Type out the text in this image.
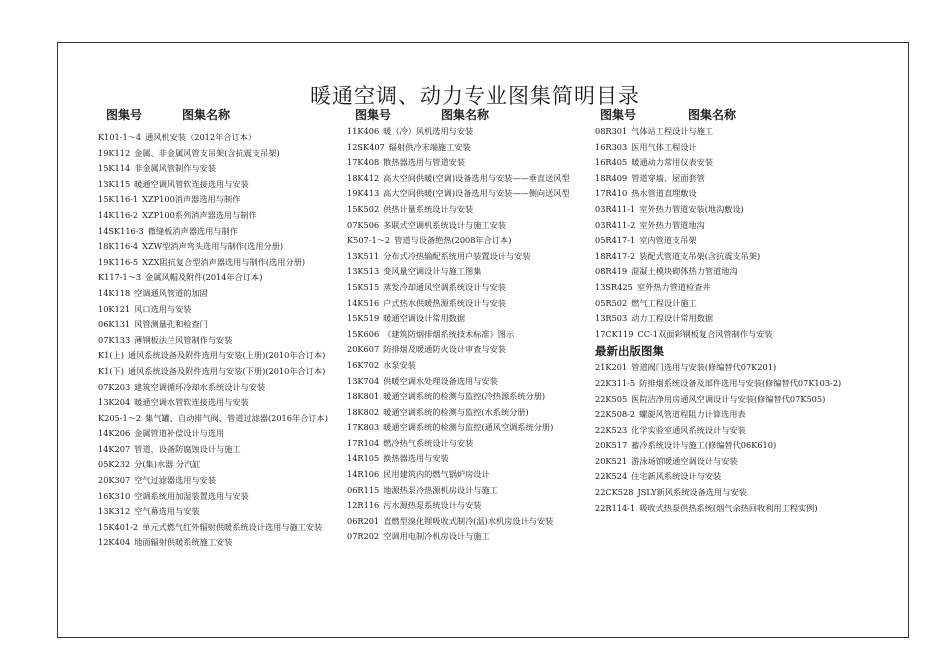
暖通空调、动力专业图集简明目录
图集号	图集名称	图集号	图集名称	图集号	图集名称
K101-1～4 通风机安装（2012年合订本）
19K112 金属、非金属风管支吊架(含抗震支吊架)
15K114 非金属风管制作与安装
13K115 暖通空调风管软连接选用与安装
15K116-1 XZP100消声器选用与制作
14K116-2 XZP100系列消声器选用与制作
14SK116-3 微缝板消声器选用与制作
18K116-4 XZW型消声弯头选用与制作(选用分册)
19K116-5 XZX阻抗复合型消声器选用与制作(选用分册)
K117-1～3 金属风帽及附件(2014年合订本)
14K118 空调通风管道的加固
10K121 风口选用与安装
06K131 风管测量孔和检查门
07K133 薄钢板法兰风管制作与安装
K1(上) 通风系统设备及附件选用与安装(上册)(2010年合订本)
K1(下) 通风系统设备及附件选用与安装(下册)(2010年合订本)
07K203 建筑空调循环冷却水系统设计与安装
13K204 暖通空调水管软连接选用与安装
K205-1～2 集气罐、自动排气阀、管道过滤器(2016年合订本)
14K206 金属管道补偿设计与选用
14K207 管道、设备防腐蚀设计与施工
05K232 分(集)水器 分汽缸
20K307 空气过滤器选用与安装
16K310 空调系统用加湿装置选用与安装
13K312 空气幕选用与安装
15K401-2 单元式燃气红外辐射供暖系统设计选用与施工安装
12K404 地面辐射供暖系统施工安装
11K406 暖（冷）风机选用与安装
12SK407 辐射供冷末端施工安装
17K408 散热器选用与管道安装
18K412 高大空间供暖(空调)设备选用与安装——垂直送风型
19K413 高大空间供暖(空调)设备选用与安装——侧向送风型
15K502 供热计量系统设计与安装
07K506 多联式空调机系统设计与施工安装
K507-1～2 管道与设备绝热(2008年合订本)
13K511 分布式冷热输配系统用户装置设计与安装
13K513 变风量空调设计与施工图集
15K515 蒸发冷却通风空调系统设计与安装
14K516 户式热水供暖热源系统设计与安装
15K519 暖通空调设计常用数据
15K606 《建筑防烟排烟系统技术标准》图示
20K607 防排烟及暖通防火设计审查与安装
16K702 水泵安装
13K704 供暖空调水处理设备选用与安装
18K801 暖通空调系统的检测与监控(冷热源系统分册)
18K802 暖通空调系统的检测与监控(水系统分册)
17K803 暖通空调系统的检测与监控(通风空调系统分册)
17R104 燃冷热气系统设计与安装
14R105 换热器选用与安装
14R106 民用建筑内的燃气锅炉房设计
06R115 地源热泵冷热源机房设计与施工
12R116 污水源热泵系统设计与安装
06R201 直燃型溴化锂吸收式制冷(温)水机房设计与安装
07R202 空调用电制冷机房设计与施工
08R301 气体站工程设计与施工
16R303 医用气体工程设计
16R405 暖通动力常用仪表安装
18R409 管道穿墙、屋面套管
17R410 热水管道直埋敷设
03R411-1 室外热力管道安装(地沟敷设)
03R411-2 室外热力管道地沟
05R417-1 室内管道支吊架
18R417-2 装配式管道支吊架(含抗震支吊架)
08R419 混凝土模块砌体热力管道地沟
13SR425 室外热力管道检查井
05R502 燃气工程设计施工
13R503 动力工程设计常用数据
17CK119 CC-1双面彩钢板复合风管制作与安装
最新出版图集
21K201 管道阀门选用与安装(修编替代07K201)
22K311-5 防排烟系统设备及部件选用与安装(修编替代07K103-2)
22K505 医院洁净用房通风空调设计与安装(修编替代07K505)
22K508-2 螺旋风管道程阻力计算选用表
22K523 化学实验室通风系统设计与安装
20K517 蓄冷系统设计与施工(修编替代06K610)
20K521 游泳场馆暖通空调设计与安装
22K524 住宅新风系统设计与安装
22CK528 JSLY新风系统设备选用与安装
22R114-1 吸收式热泵供热系统(烟气余热回收利用工程实例)
